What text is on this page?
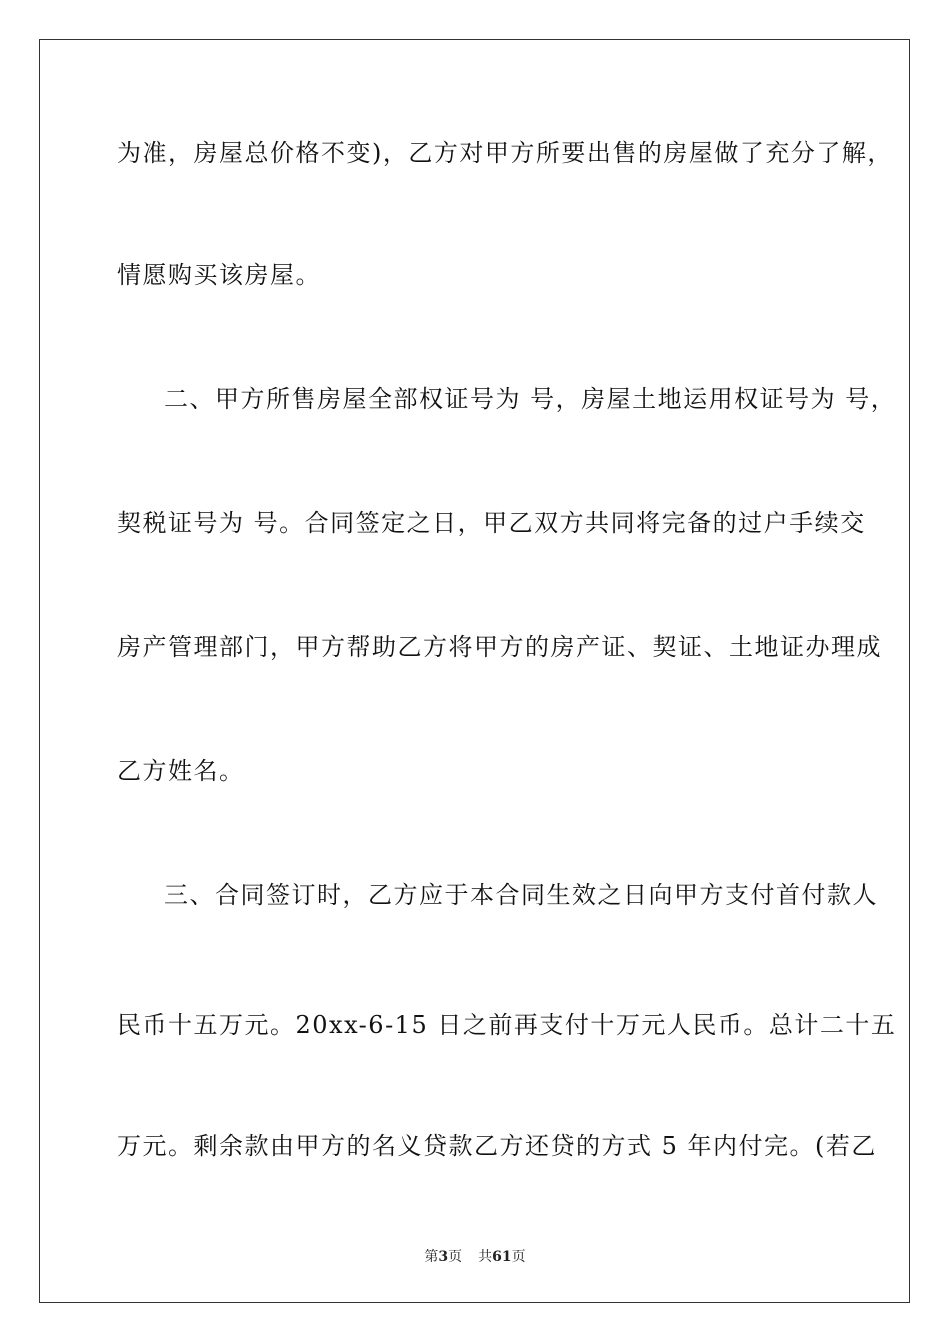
为准，房屋总价格不变)，乙方对甲方所要出售的房屋做了充分了解，
情愿购买该房屋。
二、甲方所售房屋全部权证号为 号，房屋土地运用权证号为 号，
契税证号为 号。合同签定之日，甲乙双方共同将完备的过户手续交
房产管理部门，甲方帮助乙方将甲方的房产证、契证、土地证办理成
乙方姓名。
三、合同签订时，乙方应于本合同生效之日向甲方支付首付款人
民币十五万元。20xx-6-15 日之前再支付十万元人民币。总计二十五
万元。剩余款由甲方的名义贷款乙方还贷的方式 5 年内付完。(若乙
第3页 共61页
